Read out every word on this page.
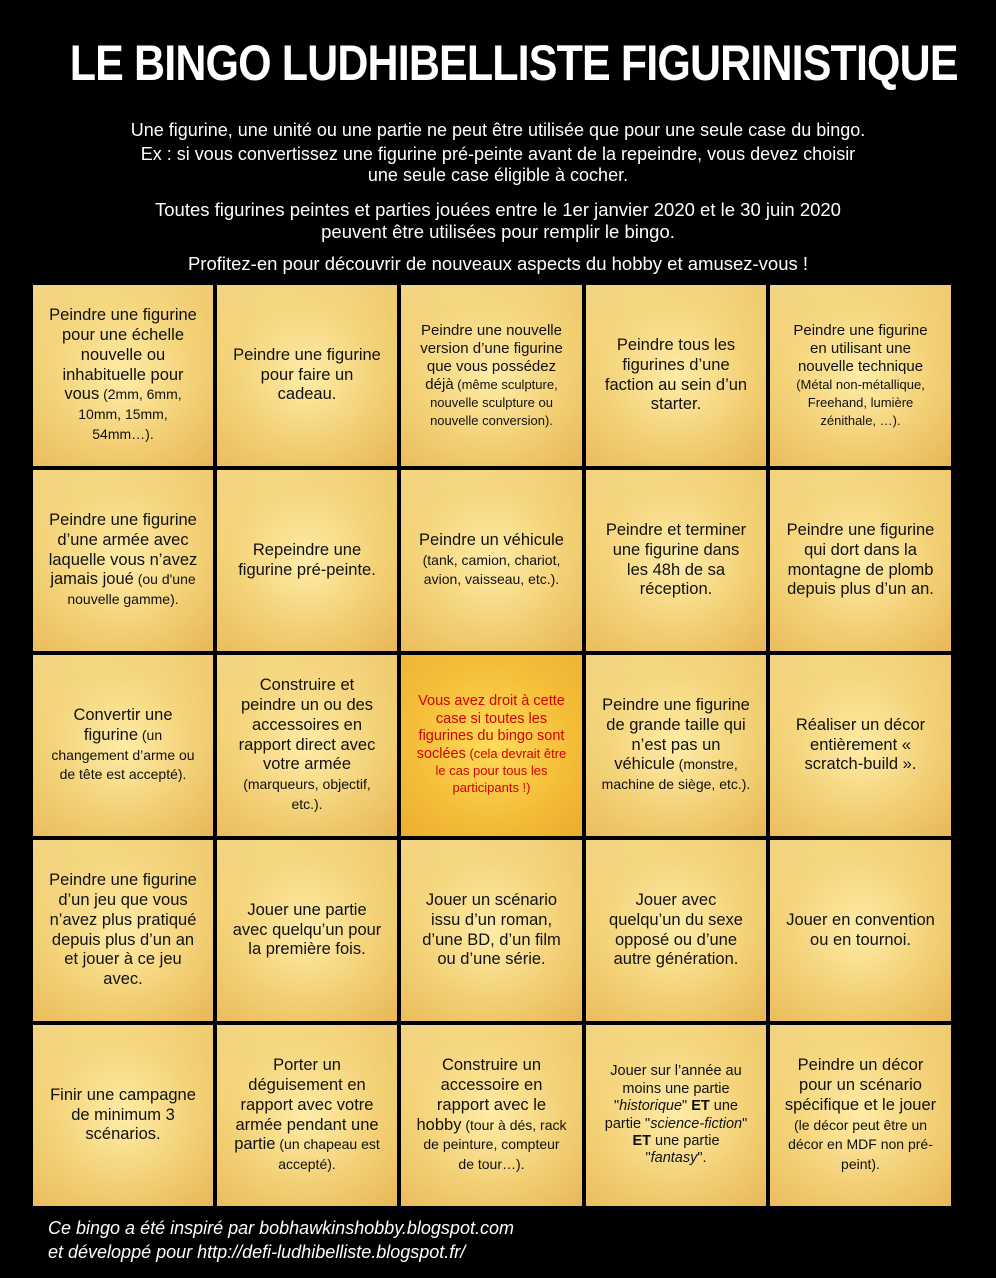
LE BINGO LUDHIBELLISTE FIGURINISTIQUE
Une figurine, une unité ou une partie ne peut être utilisée que pour une seule case du bingo.
Ex : si vous convertissez une figurine pré-peinte avant de la repeindre, vous devez choisir
une seule case éligible à cocher.
Toutes figurines peintes et parties jouées entre le 1er janvier 2020 et le 30 juin 2020
peuvent être utilisées pour remplir le bingo.
Profitez-en pour découvrir de nouveaux aspects du hobby et amusez-vous !
Peindre une figurine pour une échelle nouvelle ou inhabituelle pour vous (2mm, 6mm, 10mm, 15mm, 54mm…).
Peindre une figurine pour faire un cadeau.
Peindre une nouvelle version d’une figurine que vous possédez déjà (même sculpture, nouvelle sculpture ou nouvelle conversion).
Peindre tous les figurines d’une faction au sein d’un starter.
Peindre une figurine en utilisant une nouvelle technique (Métal non-métallique, Freehand, lumière zénithale, …).
Peindre une figurine d’une armée avec laquelle vous n’avez jamais joué (ou d'une nouvelle gamme).
Repeindre une figurine pré-peinte.
Peindre un véhicule (tank, camion, chariot, avion, vaisseau, etc.).
Peindre et terminer une figurine dans les 48h de sa réception.
Peindre une figurine qui dort dans la montagne de plomb depuis plus d’un an.
Convertir une figurine (un changement d’arme ou de tête est accepté).
Construire et peindre un ou des accessoires en rapport direct avec votre armée (marqueurs, objectif, etc.).
Vous avez droit à cette case si toutes les figurines du bingo sont soclées (cela devrait être le cas pour tous les participants !)
Peindre une figurine de grande taille qui n’est pas un véhicule (monstre, machine de siège, etc.).
Réaliser un décor entièrement « scratch-build ».
Peindre une figurine d’un jeu que vous n’avez plus pratiqué depuis plus d’un an et jouer à ce jeu avec.
Jouer une partie avec quelqu’un pour la première fois.
Jouer un scénario issu d’un roman, d’une BD, d’un film ou d’une série.
Jouer avec quelqu’un du sexe opposé ou d’une autre génération.
Jouer en convention ou en tournoi.
Finir une campagne de minimum 3 scénarios.
Porter un déguisement en rapport avec votre armée pendant une partie (un chapeau est accepté).
Construire un accessoire en rapport avec le hobby (tour à dés, rack de peinture, compteur de tour…).
Jouer sur l’année au moins une partie "historique" ET une partie "science-fiction" ET une partie "fantasy".
Peindre un décor pour un scénario spécifique et le jouer (le décor peut être un décor en MDF non pré-peint).
Ce bingo a été inspiré par bobhawkinshobby.blogspot.com
et développé pour http://defi-ludhibelliste.blogspot.fr/
